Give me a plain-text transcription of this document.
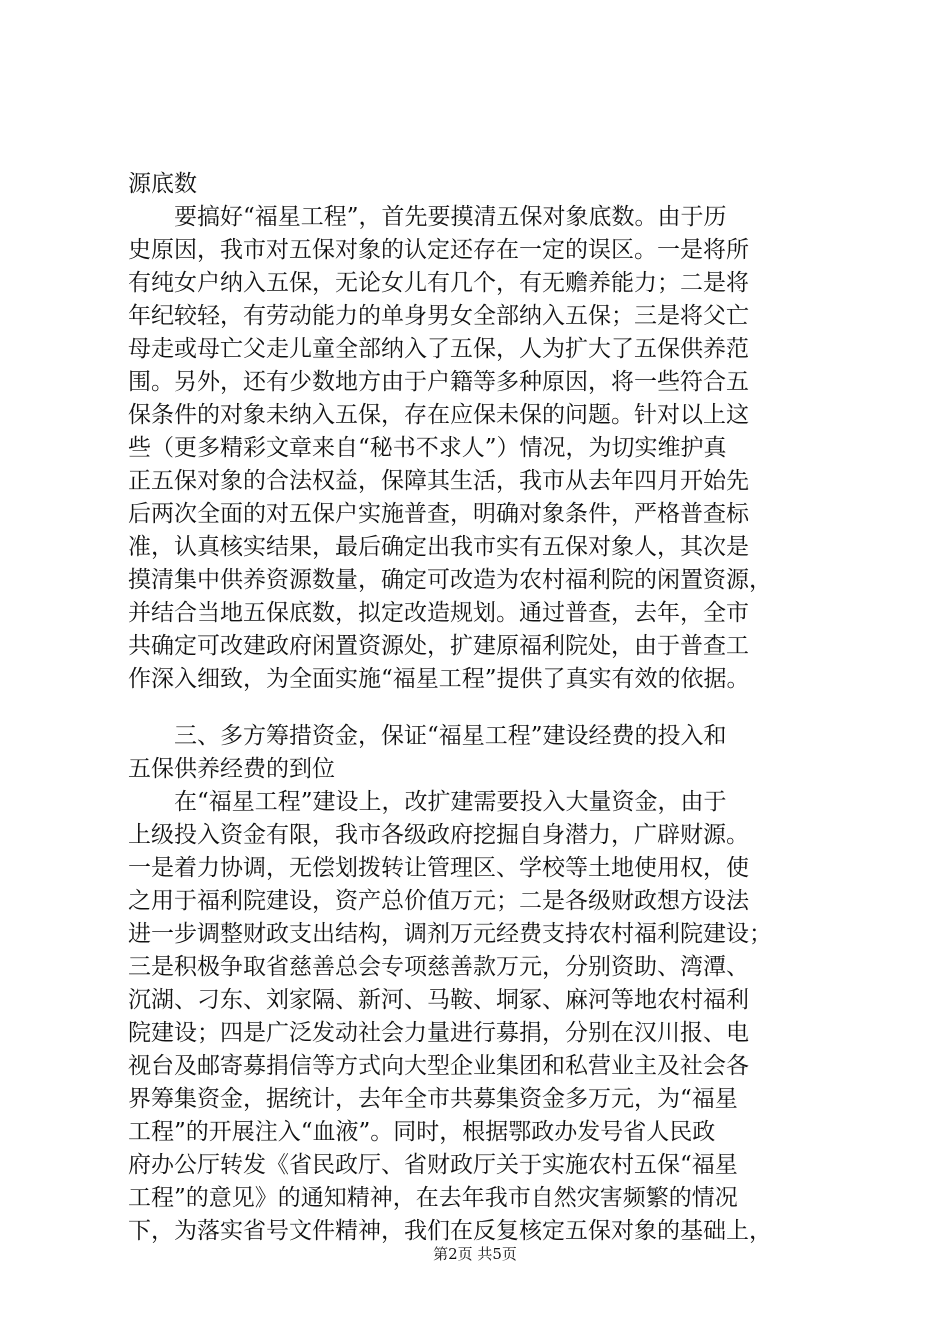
源底数
　　要搞好“福星工程”，首先要摸清五保对象底数。由于历
史原因，我市对五保对象的认定还存在一定的误区。一是将所
有纯女户纳入五保，无论女儿有几个，有无赡养能力；二是将
年纪较轻，有劳动能力的单身男女全部纳入五保；三是将父亡
母走或母亡父走儿童全部纳入了五保，人为扩大了五保供养范
围。另外，还有少数地方由于户籍等多种原因，将一些符合五
保条件的对象未纳入五保，存在应保未保的问题。针对以上这
些（更多精彩文章来自“秘书不求人”）情况，为切实维护真
正五保对象的合法权益，保障其生活，我市从去年四月开始先
后两次全面的对五保户实施普查，明确对象条件，严格普查标
准，认真核实结果，最后确定出我市实有五保对象人，其次是
摸清集中供养资源数量，确定可改造为农村福利院的闲置资源，
并结合当地五保底数，拟定改造规划。通过普查，去年，全市
共确定可改建政府闲置资源处，扩建原福利院处，由于普查工
作深入细致，为全面实施“福星工程”提供了真实有效的依据。
　　三、多方筹措资金，保证“福星工程”建设经费的投入和
五保供养经费的到位
　　在“福星工程”建设上，改扩建需要投入大量资金，由于
上级投入资金有限，我市各级政府挖掘自身潜力，广辟财源。
一是着力协调，无偿划拨转让管理区、学校等土地使用权，使
之用于福利院建设，资产总价值万元；二是各级财政想方设法
进一步调整财政支出结构，调剂万元经费支持农村福利院建设；
三是积极争取省慈善总会专项慈善款万元，分别资助、湾潭、
沉湖、刁东、刘家隔、新河、马鞍、垌冢、麻河等地农村福利
院建设；四是广泛发动社会力量进行募捐，分别在汉川报、电
视台及邮寄募捐信等方式向大型企业集团和私营业主及社会各
界筹集资金，据统计，去年全市共募集资金多万元，为“福星
工程”的开展注入“血液”。同时，根据鄂政办发号省人民政
府办公厅转发《省民政厅、省财政厅关于实施农村五保“福星
工程”的意见》的通知精神，在去年我市自然灾害频繁的情况
下，为落实省号文件精神，我们在反复核定五保对象的基础上，
第2页 共5页
